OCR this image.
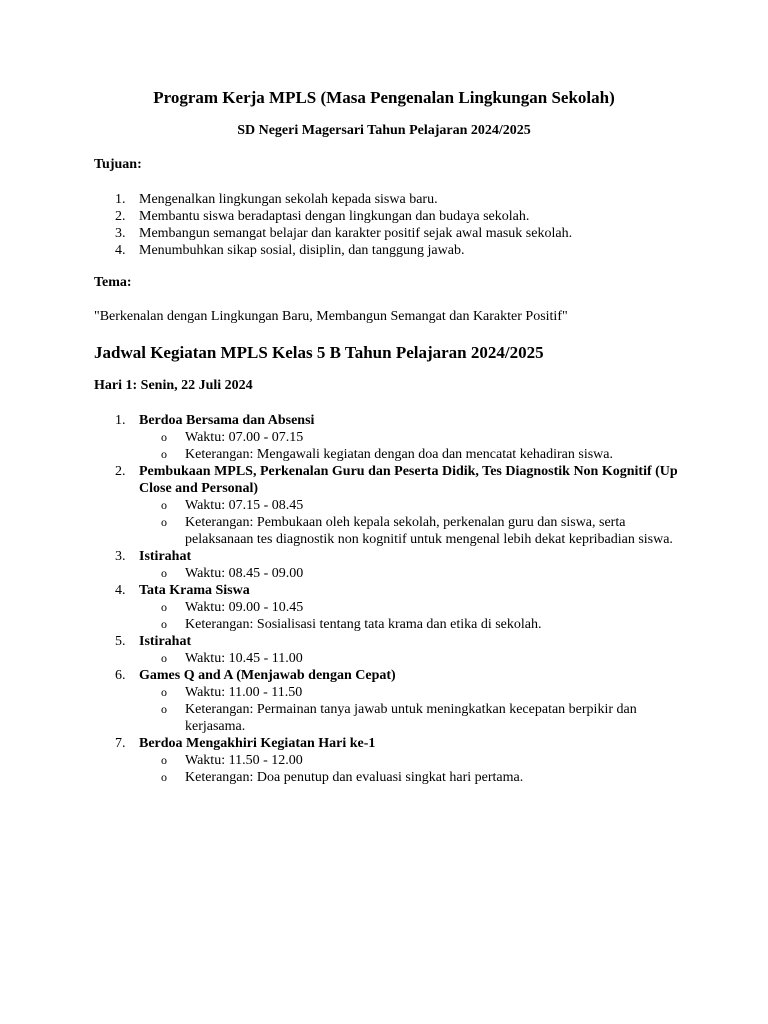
Program Kerja MPLS (Masa Pengenalan Lingkungan Sekolah)
SD Negeri Magersari Tahun Pelajaran 2024/2025
Tujuan:
1. Mengenalkan lingkungan sekolah kepada siswa baru.
2. Membantu siswa beradaptasi dengan lingkungan dan budaya sekolah.
3. Membangun semangat belajar dan karakter positif sejak awal masuk sekolah.
4. Menumbuhkan sikap sosial, disiplin, dan tanggung jawab.
Tema:
"Berkenalan dengan Lingkungan Baru, Membangun Semangat dan Karakter Positif"
Jadwal Kegiatan MPLS Kelas 5 B Tahun Pelajaran 2024/2025
Hari 1: Senin, 22 Juli 2024
1. Berdoa Bersama dan Absensi
o Waktu: 07.00 - 07.15
o Keterangan: Mengawali kegiatan dengan doa dan mencatat kehadiran siswa.
2. Pembukaan MPLS, Perkenalan Guru dan Peserta Didik, Tes Diagnostik Non Kognitif (Up Close and Personal)
o Waktu: 07.15 - 08.45
o Keterangan: Pembukaan oleh kepala sekolah, perkenalan guru dan siswa, serta pelaksanaan tes diagnostik non kognitif untuk mengenal lebih dekat kepribadian siswa.
3. Istirahat
o Waktu: 08.45 - 09.00
4. Tata Krama Siswa
o Waktu: 09.00 - 10.45
o Keterangan: Sosialisasi tentang tata krama dan etika di sekolah.
5. Istirahat
o Waktu: 10.45 - 11.00
6. Games Q and A (Menjawab dengan Cepat)
o Waktu: 11.00 - 11.50
o Keterangan: Permainan tanya jawab untuk meningkatkan kecepatan berpikir dan kerjasama.
7. Berdoa Mengakhiri Kegiatan Hari ke-1
o Waktu: 11.50 - 12.00
o Keterangan: Doa penutup dan evaluasi singkat hari pertama.
